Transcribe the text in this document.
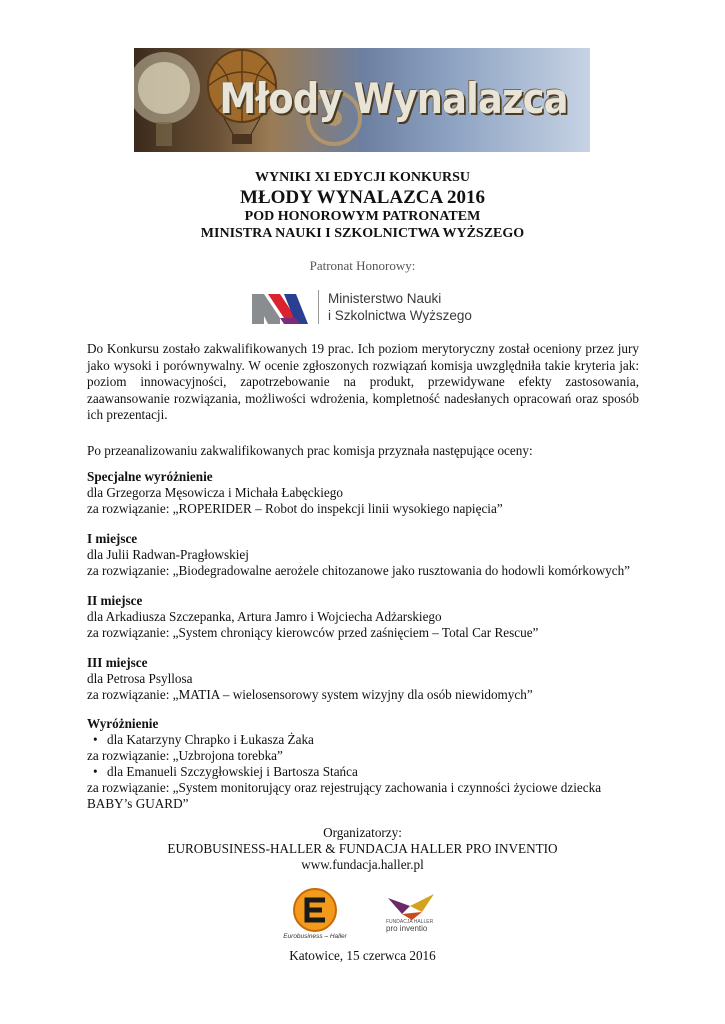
Młody Wynalazca
WYNIKI XI EDYCJI KONKURSU
MŁODY WYNALAZCA 2016
POD HONOROWYM PATRONATEM
MINISTRA NAUKI I SZKOLNICTWA WYŻSZEGO
Patronat Honorowy:
Ministerstwo Nauki
i Szkolnictwa Wyższego
Do Konkursu zostało zakwalifikowanych 19 prac. Ich poziom merytoryczny został oceniony przez jury jako wysoki i porównywalny. W ocenie zgłoszonych rozwiązań komisja uwzględniła takie kryteria jak: poziom innowacyjności, zapotrzebowanie na produkt, przewidywane efekty zastosowania, zaawansowanie rozwiązania, możliwości wdrożenia, kompletność nadesłanych opracowań oraz sposób ich prezentacji.
Po przeanalizowaniu zakwalifikowanych prac komisja przyznała następujące oceny:
Specjalne wyróżnienie
dla Grzegorza Męsowicza i Michała Łabęckiego
za rozwiązanie: „ROPERIDER – Robot do inspekcji linii wysokiego napięcia”
I miejsce
dla Julii Radwan-Pragłowskiej
za rozwiązanie: „Biodegradowalne aerożele chitozanowe jako rusztowania do hodowli komórkowych”
II miejsce
dla Arkadiusza Szczepanka, Artura Jamro i Wojciecha Adżarskiego
za rozwiązanie: „System chroniący kierowców przed zaśnięciem – Total Car Rescue”
III miejsce
dla Petrosa Psyllosa
za rozwiązanie: „MATIA – wielosensorowy system wizyjny dla osób niewidomych”
Wyróżnienie
• dla Katarzyny Chrapko i Łukasza Żaka
za rozwiązanie: „Uzbrojona torebka”
• dla Emanueli Szczygłowskiej i Bartosza Stańca
za rozwiązanie: „System monitorujący oraz rejestrujący zachowania i czynności życiowe dziecka BABY’s GUARD”
Organizatorzy:
EUROBUSINESS-HALLER & FUNDACJA HALLER PRO INVENTIO
www.fundacja.haller.pl
Eurobusiness – Haller
FUNDACJA HALLER
pro inventio
Katowice, 15 czerwca 2016
